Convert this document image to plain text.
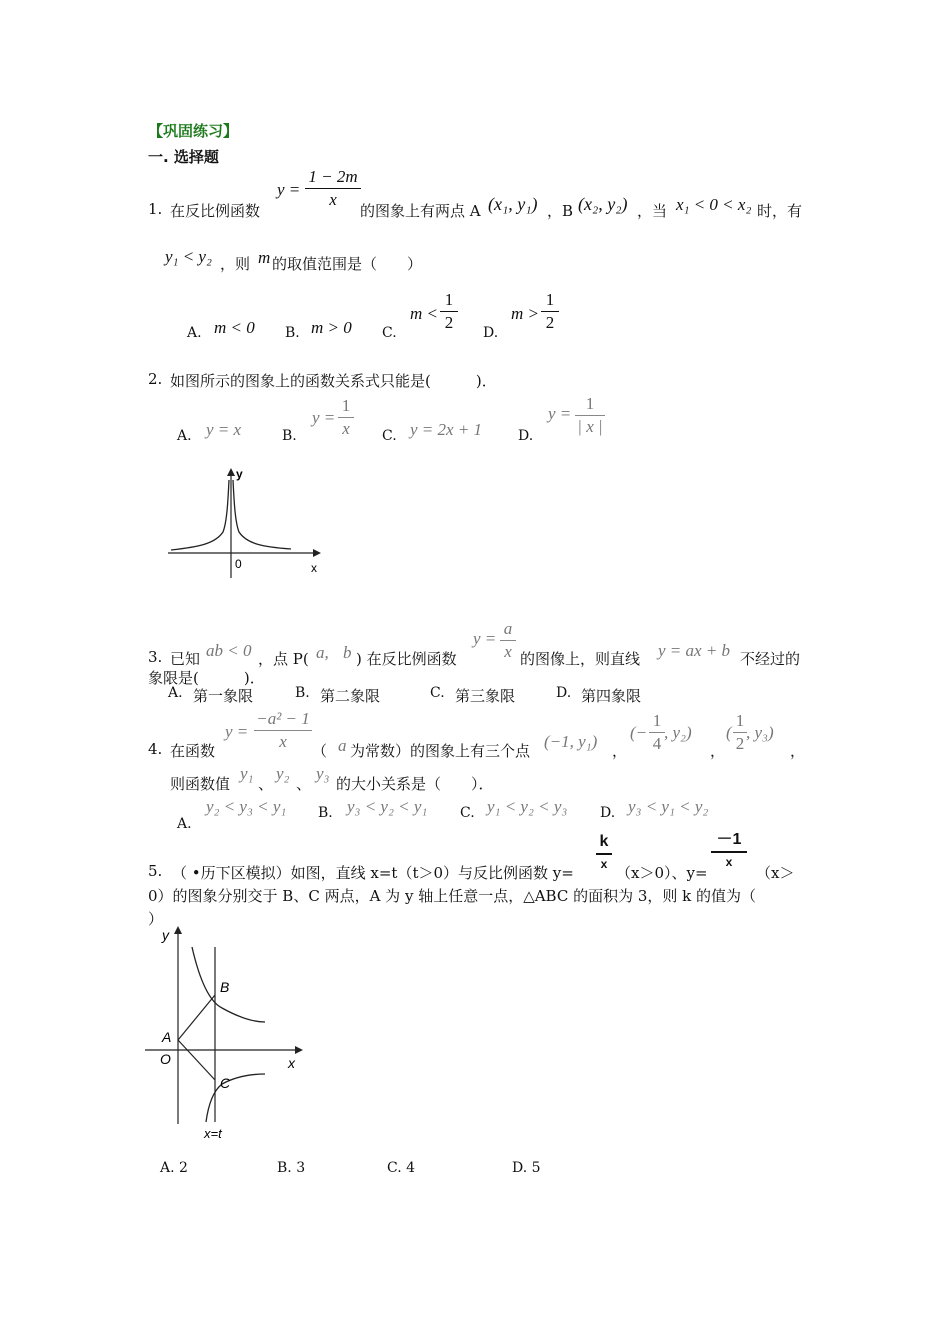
【巩固练习】
一. 选择题
1. 在反比例函数
y =
1 − 2m
x
的图象上有两点 A (x₁, y₁) ，B (x₂, y₂) ，当 x₁ < 0 < x₂ 时，有
y₁ < y₂ ，则 m 的取值范围是（　　）
A. m < 0 B. m > 0 C.
m <
1
2
D.
m >
1
2
2. 如图所示的图象上的函数关系式只能是(　　　)．
A. y = x	B.
y =
1
x	C. y = 2x + 1	D.
y =
1
| x |
y
0	x
3. 已知 ab < 0 ，点 P( a, b ) 在反比例函数
y =
a
x 的图像上，则直线 y = ax + b 不经过的
象限是(　　　)．
A. 第一象限	B. 第二象限	C. 第三象限	D. 第四象限
4. 在函数
y =
−a² − 1
x	（ a 为常数）的图象上有三个点 (−1, y₁) ，
(−
1
4
, y₂)
，
(
1
2
, y₃)
，
则函数值
y₁
、
y₂
、
y₃
的大小关系是（　　）．
A.
y₂ < y₃ < y₁ B. y₃ < y₂ < y₁ C. y₁ < y₂ < y₃ D. y₃ < y₁ < y₂
5. （ •历下区模拟）如图，直线 x=t（t＞0）与反比例函数 y=
k
x （x＞0）、y=
－1
x
（x＞
0）的图象分别交于 B、C 两点，A 为 y 轴上任意一点，△ABC 的面积为 3，则 k 的值为（
）
y
x
O
A
B
C
x=t
A. 2	B. 3	C. 4	D. 5
